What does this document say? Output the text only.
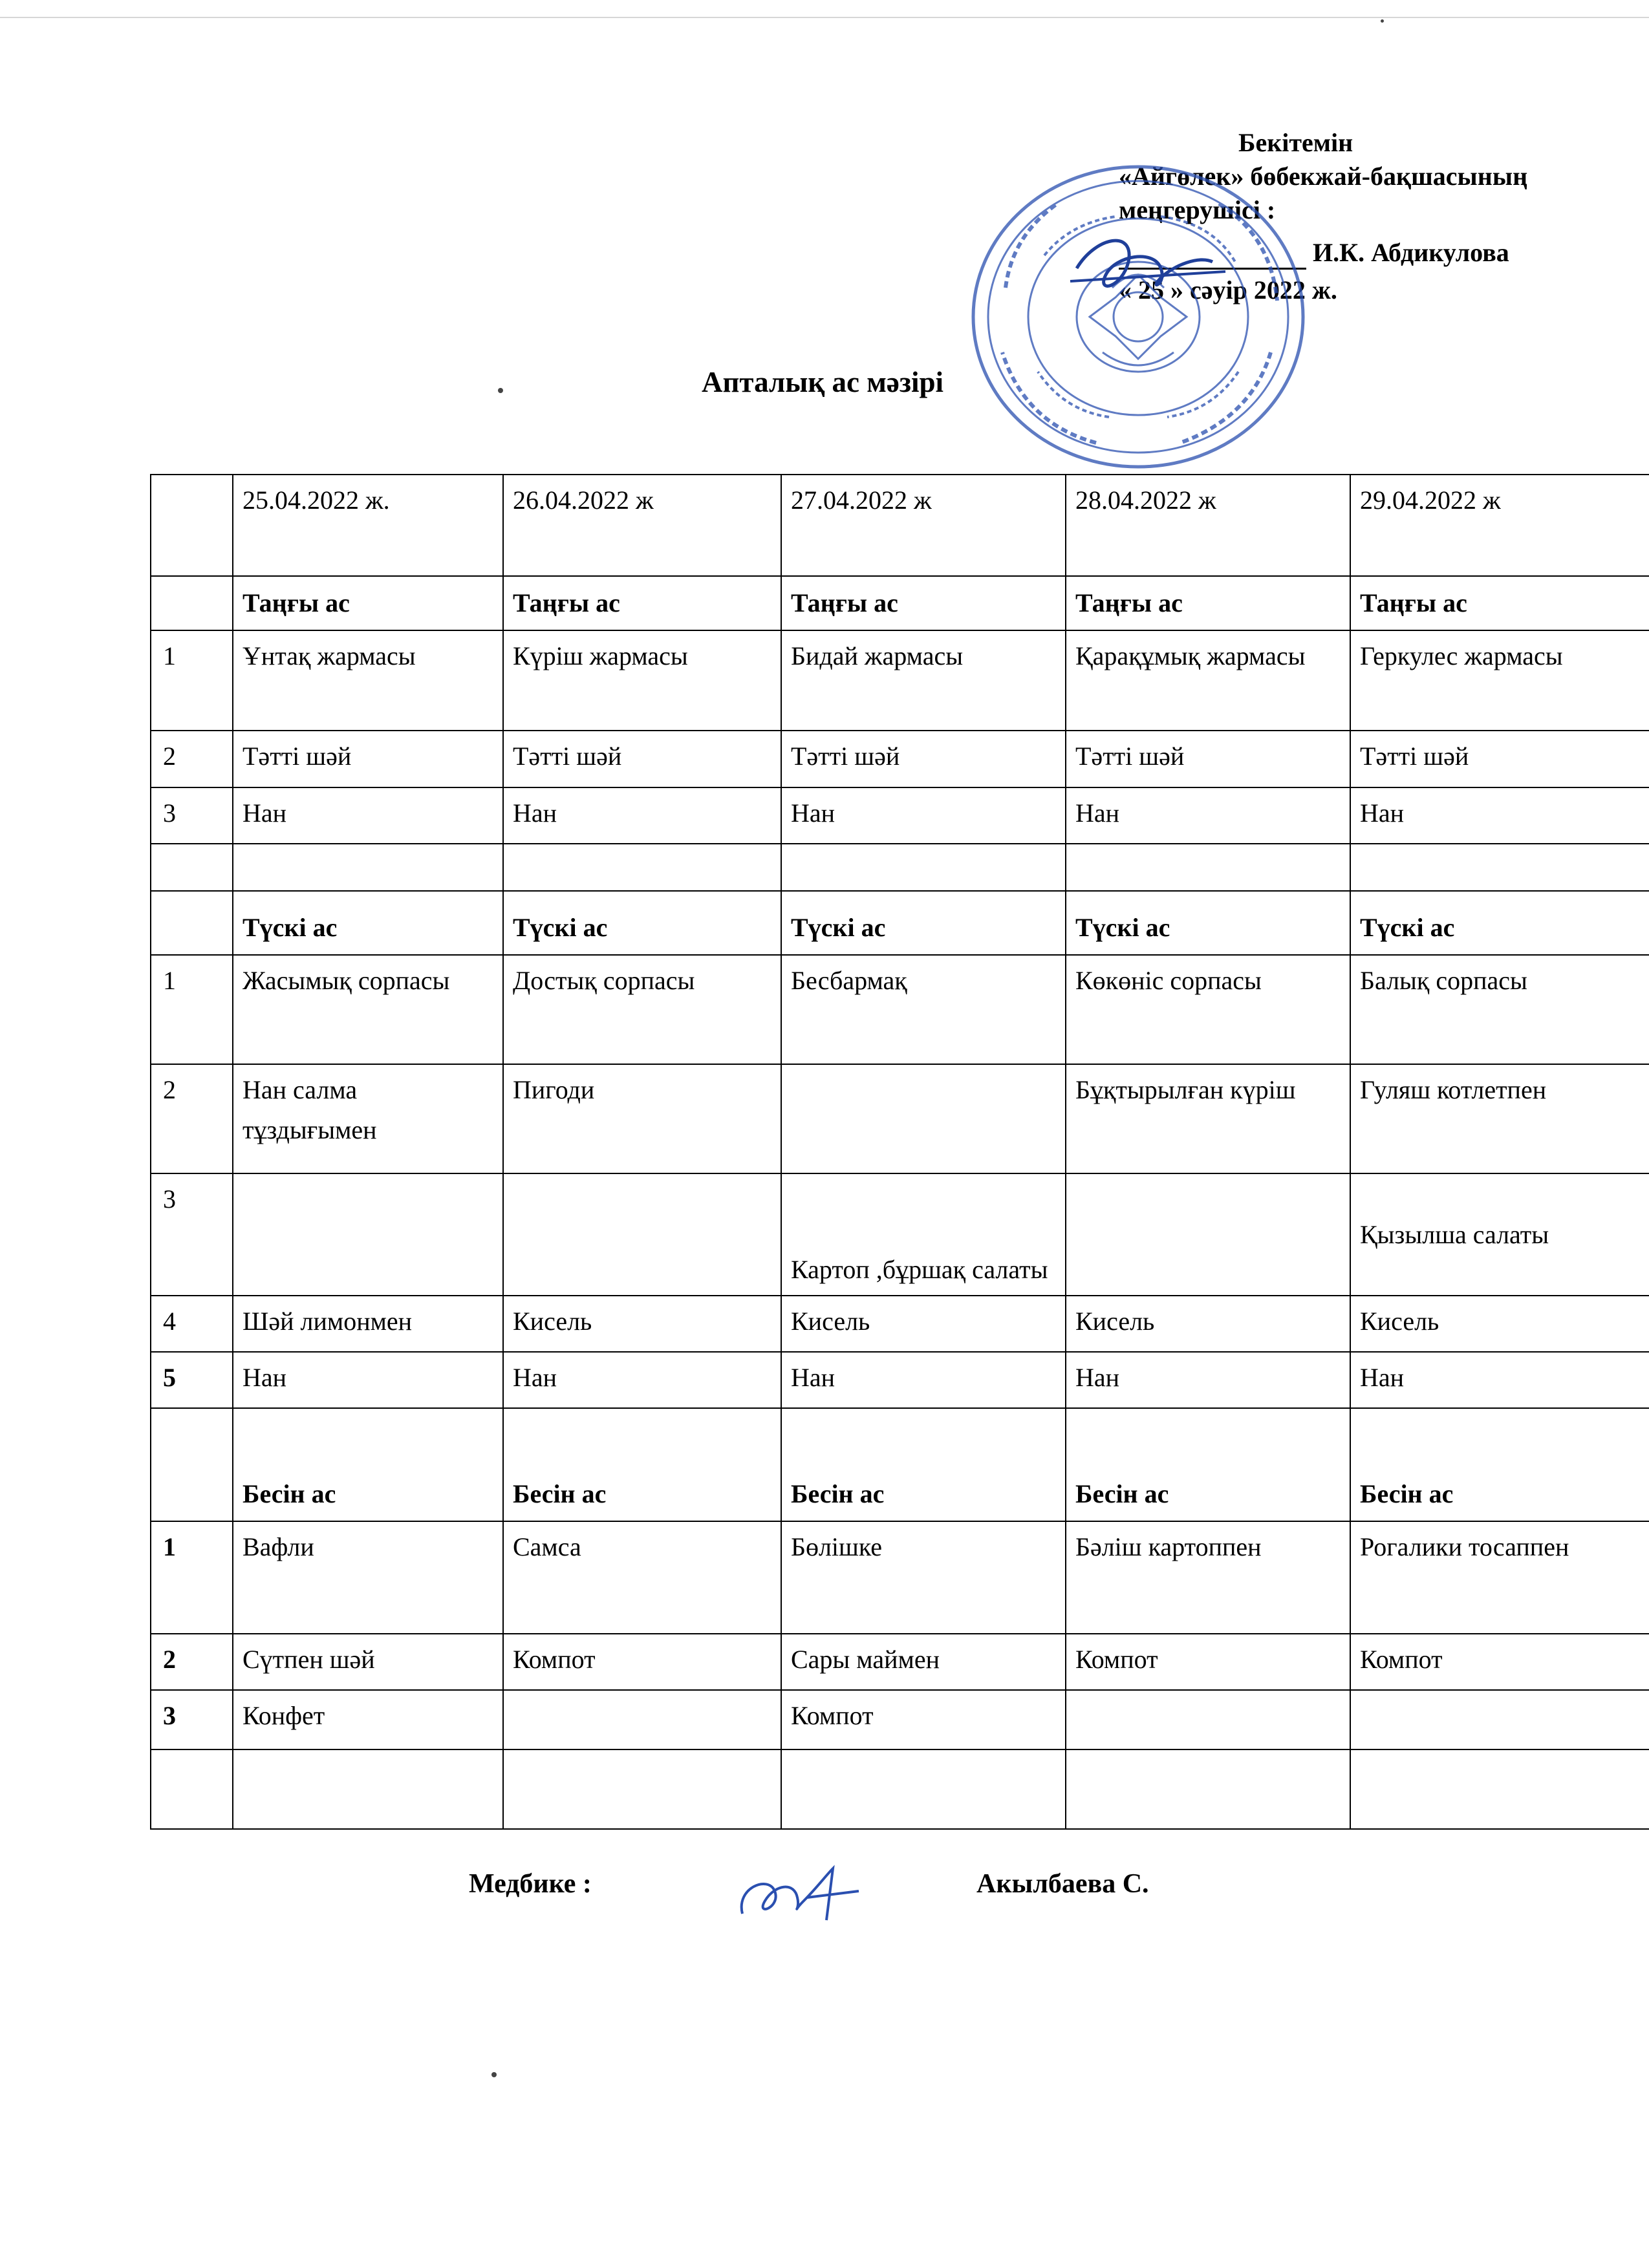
Бекітемін
«Айгөлек» бөбекжай-бақшасының
меңгерушісі :
И.К. Абдикулова
« 25 » сәуір 2022 ж.
Апталық ас мәзірі
	25.04.2022 ж.	26.04.2022 ж	27.04.2022 ж	28.04.2022 ж	29.04.2022 ж
	Таңғы ас	Таңғы ас	Таңғы ас	Таңғы ас	Таңғы ас
1	Ұнтақ жармасы	Күріш жармасы	Бидай жармасы	Қарақұмық жармасы	Геркулес жармасы
2	Тәтті шәй	Тәтті шәй	Тәтті шәй	Тәтті шәй	Тәтті шәй
3	Нан	Нан	Нан	Нан	Нан

	Түскі ас	Түскі ас	Түскі ас	Түскі ас	Түскі ас
1	Жасымық сорпасы	Достық сорпасы	Бесбармақ	Көкөніс сорпасы	Балық сорпасы
2	Нан салма тұздығымен	Пигоди		Бұқтырылған күріш	Гуляш котлетпен
3			Картоп ,бұршақ салаты		Қызылша салаты
4	Шәй лимонмен	Кисель	Кисель	Кисель	Кисель
5	Нан	Нан	Нан	Нан	Нан
	Бесін ас	Бесін ас	Бесін ас	Бесін ас	Бесін ас
1	Вафли	Самса	Бөлішке	Бәліш картоппен	Рогалики тосаппен
2	Сүтпен шәй	Компот	Сары маймен	Компот	Компот
3	Конфет		Компот		

Медбике :	Акылбаева С.
